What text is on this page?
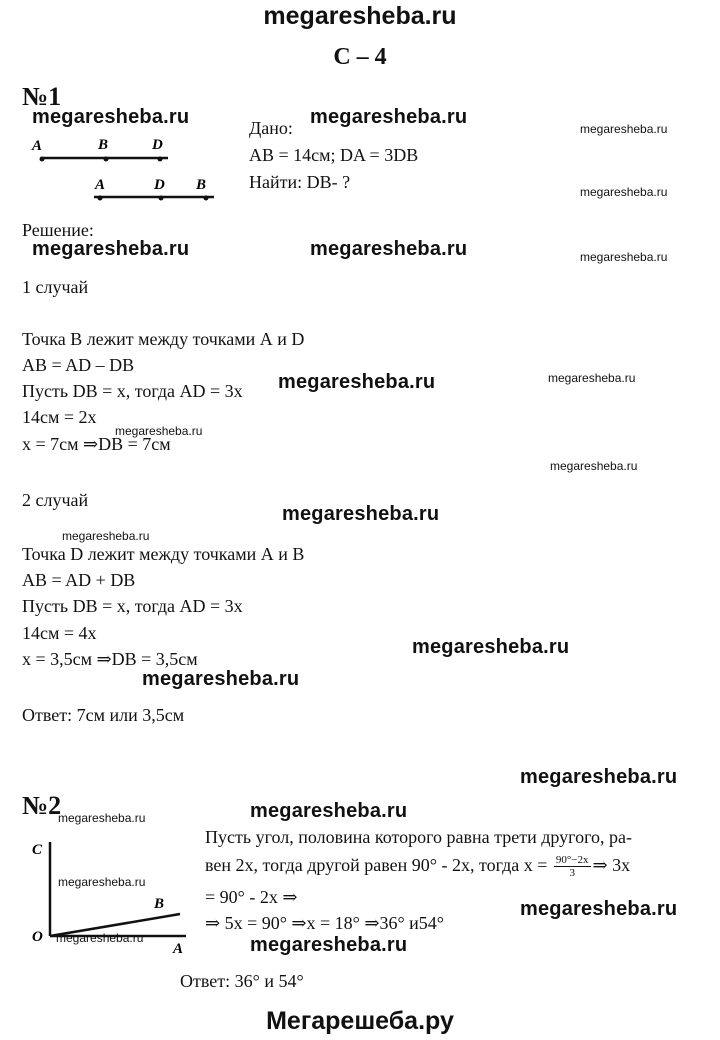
megaresheba.ru
С – 4
№1
A	B	D
A	D B
Дано:
AB = 14см; DA = 3DB
Найти: DB- ?
Решение:
1 случай
Точка В лежит между точками А и D
AB = AD – DB
Пусть DB = x, тогда AD = 3x
14см = 2x
x = 7см ⇒DB = 7см
2 случай
Точка D лежит между точками А и В
AB = AD + DB
Пусть DB = x, тогда AD = 3x
14см = 4x
x = 3,5см ⇒DB = 3,5см
Ответ: 7см или 3,5см
№2
C
B
O
A
Пусть угол, половина которого равна трети другого, ра-
вен 2x, тогда другой равен 90° - 2x, тогда $x = \frac{90^\circ-2x}{3}$ ⇒ 3x
= 90° - 2x ⇒
⇒ 5x = 90° ⇒x = 18° ⇒36° и54°
Ответ: 36° и 54°
megaresheba.ru	megaresheba.ru
megaresheba.ru
megaresheba.ru
megaresheba.ru	megaresheba.ru	megaresheba.ru
megaresheba.ru	megaresheba.ru
megaresheba.ru
megaresheba.ru
megaresheba.ru
megaresheba.ru
megaresheba.ru
megaresheba.ru
megaresheba.ru
megaresheba.ru	megaresheba.ru
megaresheba.ru
megaresheba.ru
megaresheba.ru	megaresheba.ru
Мегарешеба.ру
